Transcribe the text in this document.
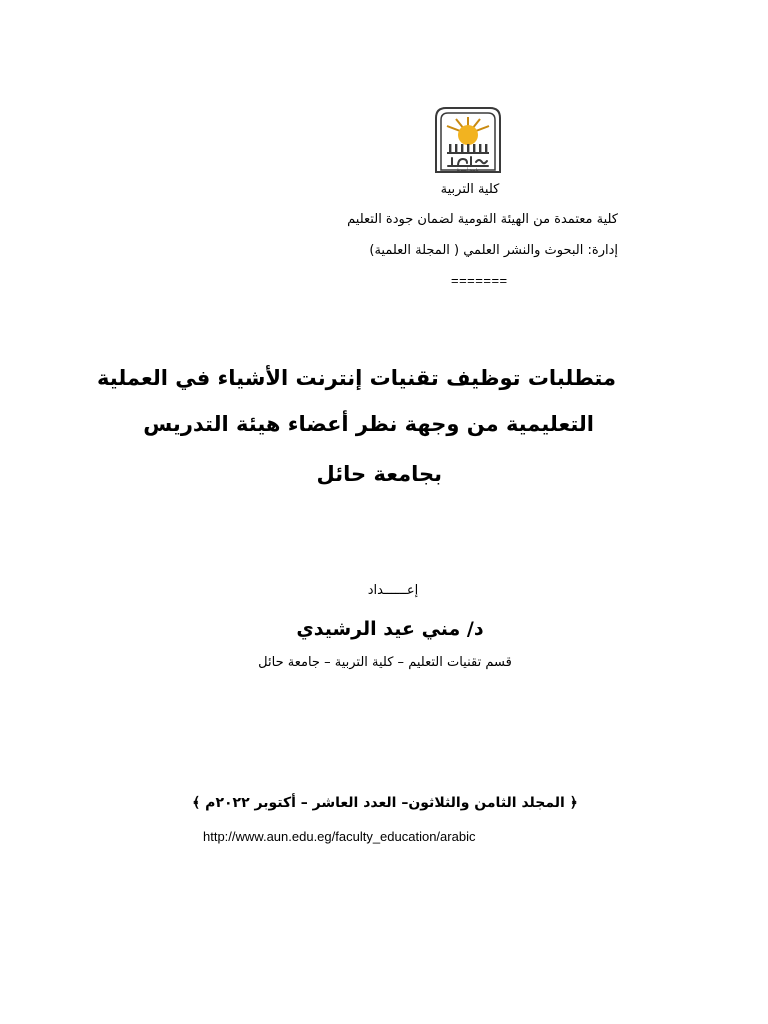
جامعة أسيوط
كلية التربية
كلية معتمدة من الهيئة القومية لضمان جودة التعليم
إدارة: البحوث والنشر العلمي ( المجلة العلمية)
=======
متطلبات توظيف تقنيات إنترنت الأشياء في العملية
التعليمية من وجهة نظر أعضاء هيئة التدريس
بجامعة حائل
إعــــــداد
د/ مني عيد الرشيدي
قسم تقنيات التعليم – كلية التربية – جامعة حائل
﴿ المجلد الثامن والثلاثون– العدد العاشر – أكتوبر ٢٠٢٢م ﴾
http://www.aun.edu.eg/faculty_education/arabic
